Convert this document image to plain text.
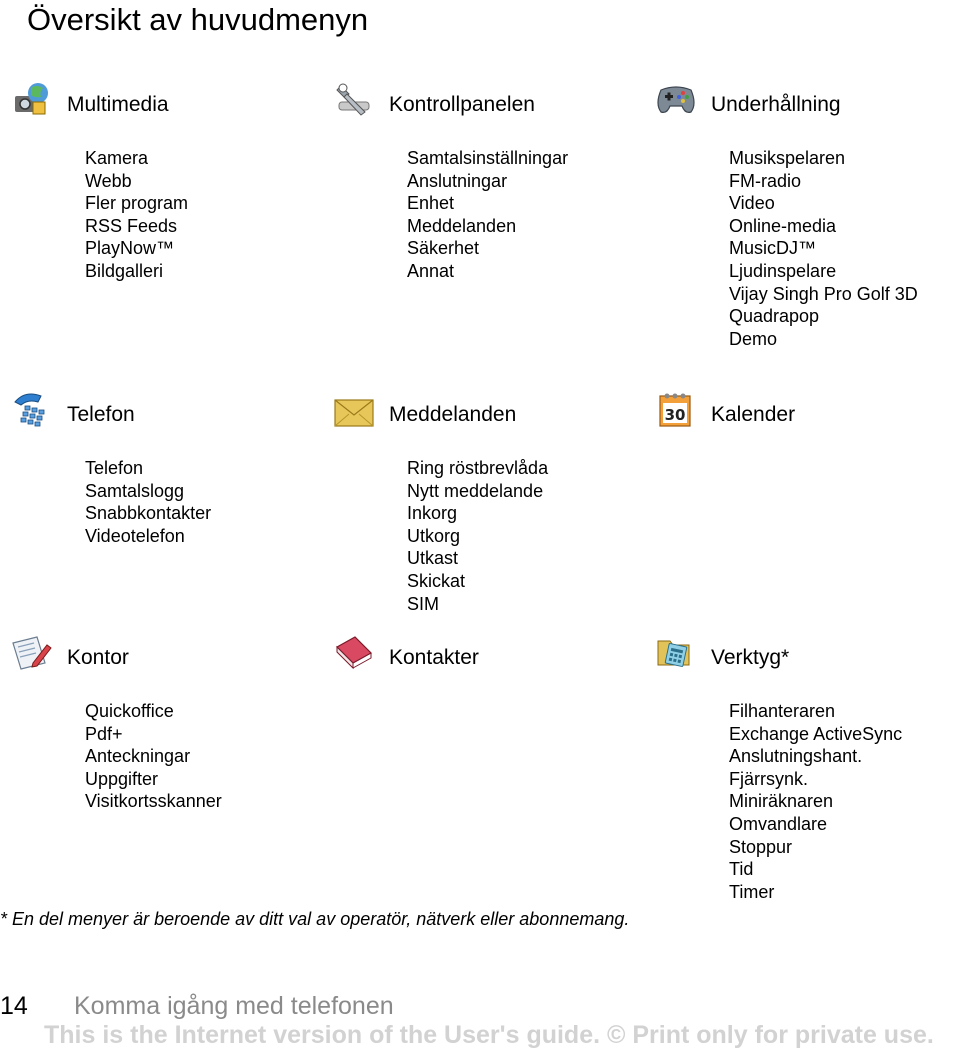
Översikt av huvudmenyn
Multimedia
Kamera
Webb
Fler program
RSS Feeds
PlayNow™
Bildgalleri
Kontrollpanelen
Samtalsinställningar
Anslutningar
Enhet
Meddelanden
Säkerhet
Annat
Underhållning
Musikspelaren
FM-radio
Video
Online-media
MusicDJ™
Ljudinspelare
Vijay Singh Pro Golf 3D
Quadrapop
Demo
Telefon
Telefon
Samtalslogg
Snabbkontakter
Videotelefon
Meddelanden
Ring röstbrevlåda
Nytt meddelande
Inkorg
Utkorg
Utkast
Skickat
SIM
30 Kalender
Kontor
Quickoffice
Pdf+
Anteckningar
Uppgifter
Visitkortsskanner
Kontakter	Verktyg*
Filhanteraren
Exchange ActiveSync
Anslutningshant.
Fjärrsynk.
Miniräknaren
Omvandlare
Stoppur
Tid
Timer
* En del menyer är beroende av ditt val av operatör, nätverk eller abonnemang.
14 Komma igång med telefonen
This is the Internet version of the User's guide. © Print only for private use.
